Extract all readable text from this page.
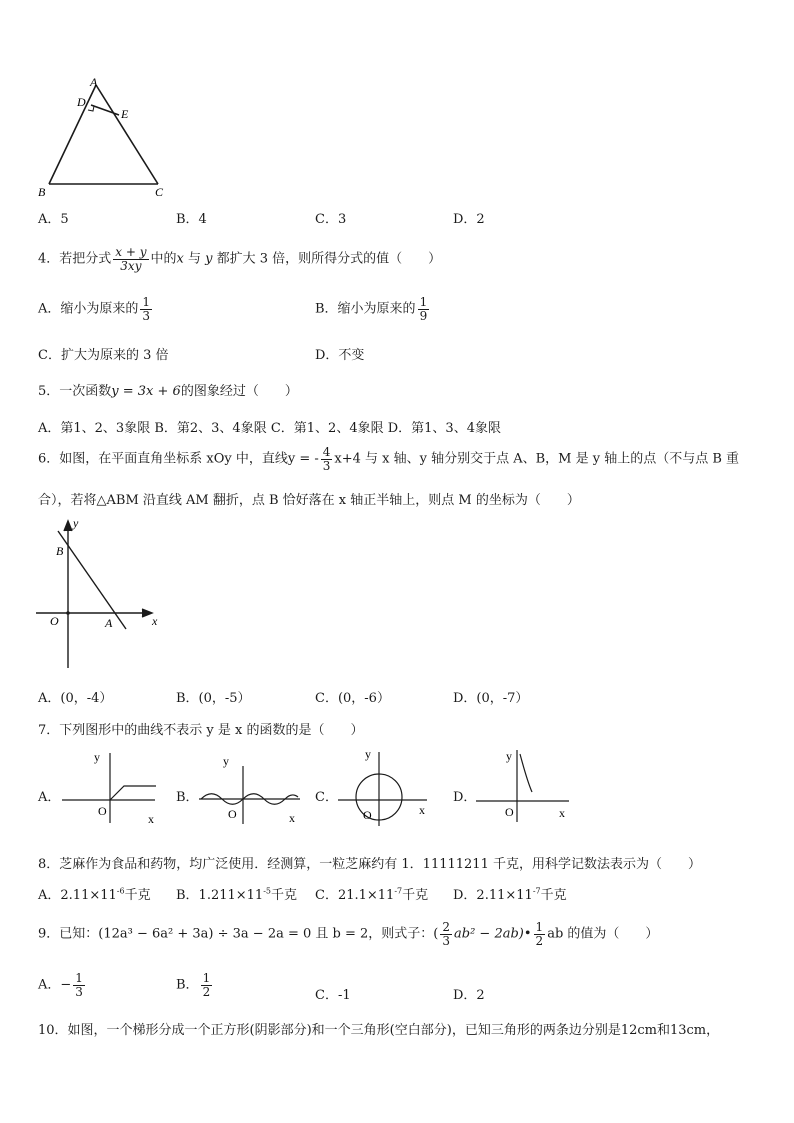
A
D
E
B	C
A．5	B．4	C．3	D．2
4．若把分式 $\frac{x + y}{3xy}$ 中的x 与 y 都扩大 3 倍，则所得分式的值（　　）
A．缩小为原来的 $\frac{1}{3}$	B．缩小为原来的 $\frac{1}{9}$
C．扩大为原来的 3 倍	D．不变
5．一次函数y = 3x + 6的图象经过（　　）
A．第1、2、3象限 B．第2、3、4象限 C．第1、2、4象限 D．第1、3、4象限
6．如图，在平面直角坐标系 xOy 中，直线y = - $\frac{4}{3} x+4$ 与 x 轴、y 轴分别交于点 A、B，M 是 y 轴上的点（不与点 B 重
合），若将△ABM 沿直线 AM 翻折，点 B 恰好落在 x 轴正半轴上，则点 M 的坐标为（　　）
y
x
O	A
B
A．(0，-4）	B．(0，-5）	C．(0，-6）	D．(0，-7）
7．下列图形中的曲线不表示 y 是 x 的函数的是（　　）
A．
y
O
x
B．
y
O	x
C．
y
O	x
D．
y
O	x
8．芝麻作为食品和药物，均广泛使用．经测算，一粒芝麻约有 1．11111211 千克，用科学记数法表示为（　　）
A．$2.11\times 11^{-6}$千克 B．$1.211\times 11^{-5}$千克 C．$21.1\times 11^{-7}$千克 D．$2.11\times 11^{-7}$千克
9．已知：(12a³ − 6a² + 3a) ÷ 3a − 2a = 0 且 b = 2，则式子：( $\frac{2}{3} ab^2$ − 2ab)• $\frac{1}{2}$ ab 的值为（　　）
A．− $\frac{1}{3}$	B． $\frac{1}{2}$	C．-1	D．2
10．如图，一个梯形分成一个正方形(阴影部分)和一个三角形(空白部分)，已知三角形的两条边分别是12cm和13cm，
